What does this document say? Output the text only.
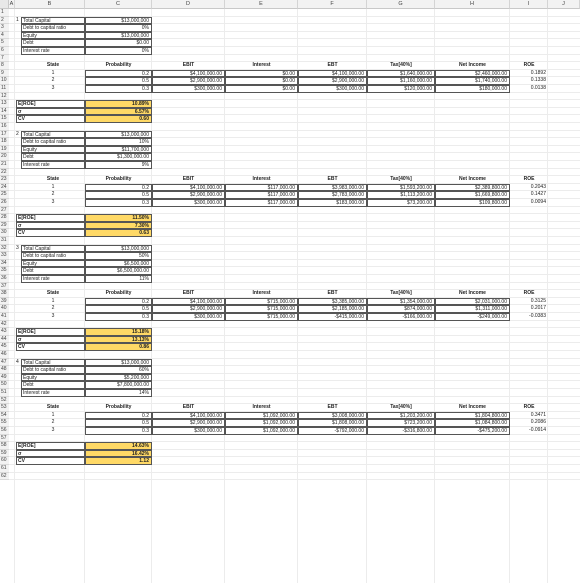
A	B	C	D	E	F	G	H	I	J
1
2
3
4
5
6
7
8
9
10
11
12
13
14
15
16
17
18
19
20
21
22
23
24
25
26
27
28
29
30
31
32
33
34
35
36
37
38
39
40
41
42
43
44
45
46
47
48
49
50
51
52
53
54
55
56
57
58
59
60
61
62
1 Total Capital	$13,000,000
Debt to capital ratio	0%
Equity	$13,000,000
Debt	$0.00
Interest rate	0%
State	Probability	EBIT	Interest	EBT	Tax[40%]	Net Income	ROE
1	0.2	$4,100,000.00	$0.00	$4,100,000.00	$1,640,000.00	$2,460,000.00	0.1892
2	0.5	$2,900,000.00	$0.00	$2,900,000.00	$1,160,000.00	$1,740,000.00	0.1338
3	0.3	$300,000.00	$0.00	$300,000.00	$120,000.00	$180,000.00	0.0138
E[ROE]	10.89%
σ	6.57%
CV	0.60
2 Total Capital	$13,000,000
Debt to capital ratio	10%
Equity	$11,700,000
Debt	$1,300,000.00
Interest rate	9%
State	Probability	EBIT	Interest	EBT	Tax[40%]	Net Income	ROE
1	0.2	$4,100,000.00	$117,000.00	$3,983,000.00	$1,593,200.00	$2,389,800.00	0.2043
2	0.5	$2,900,000.00	$117,000.00	$2,783,000.00	$1,113,200.00	$1,669,800.00	0.1427
3	0.3	$300,000.00	$117,000.00	$183,000.00	$73,200.00	$109,800.00	0.0094
E[ROE]	11.50%
σ	7.30%
CV	0.63
3 Total Capital	$13,000,000
Debt to capital ratio	50%
Equity	$6,500,000
Debt	$6,500,000.00
Interest rate	11%
State	Probability	EBIT	Interest	EBT	Tax[40%]	Net Income	ROE
1	0.2	$4,100,000.00	$715,000.00	$3,385,000.00	$1,354,000.00	$2,031,000.00	0.3125
2	0.5	$2,900,000.00	$715,000.00	$2,185,000.00	$874,000.00	$1,311,000.00	0.2017
3	0.3	$300,000.00	$715,000.00	-$415,000.00	-$166,000.00	-$249,000.00	-0.0383
E[ROE]	15.18%
σ	13.13%
CV	0.86
4 Total Capital	$13,000,000
Debt to capital ratio	60%
Equity	$5,200,000
Debt	$7,800,000.00
Interest rate	14%
State	Probability	EBIT	Interest	EBT	Tax[40%]	Net Income	ROE
1	0.2	$4,100,000.00	$1,092,000.00	$3,008,000.00	$1,203,200.00	$1,804,800.00	0.3471
2	0.5	$2,900,000.00	$1,092,000.00	$1,808,000.00	$723,200.00	$1,084,800.00	0.2086
3	0.3	$300,000.00	$1,092,000.00	-$792,000.00	-$316,800.00	-$475,200.00	-0.0914
E[ROE]	14.63%
σ	16.42%
CV	1.12
